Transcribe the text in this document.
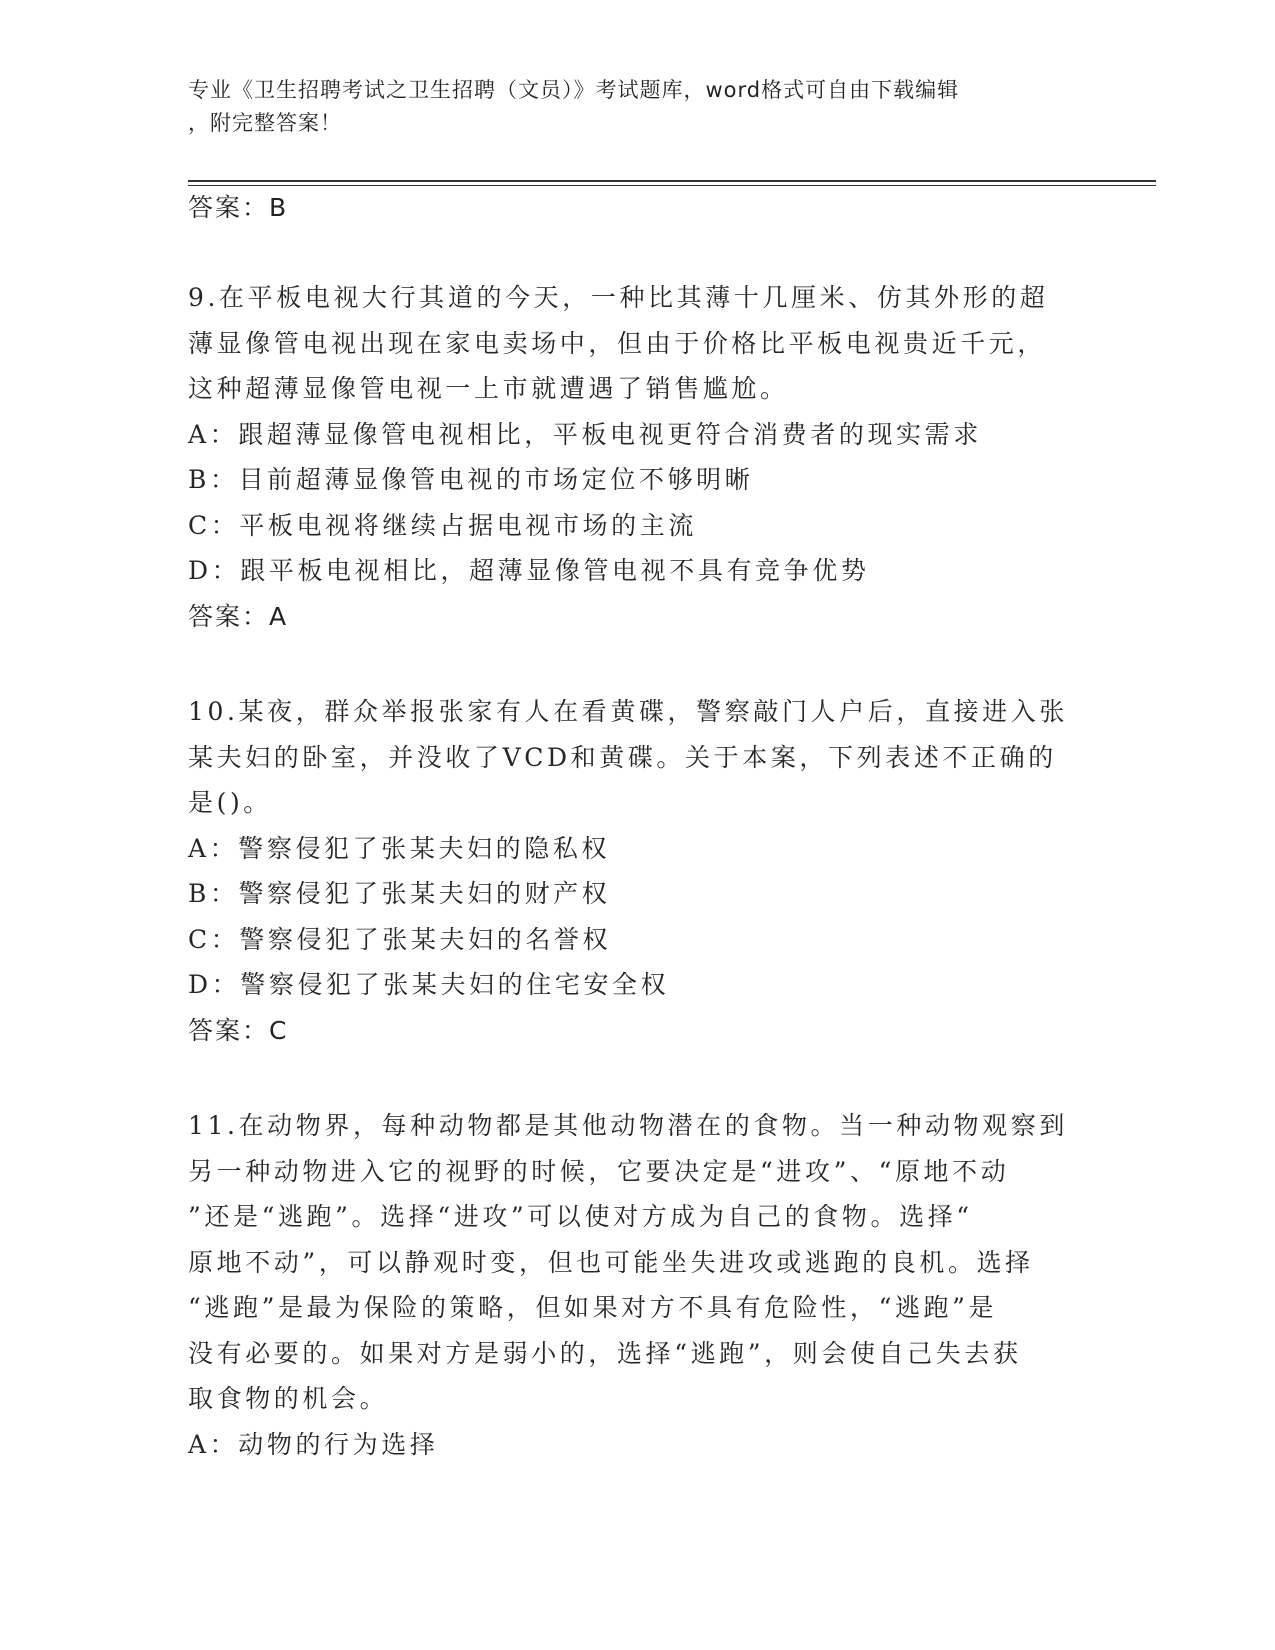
专业《卫生招聘考试之卫生招聘（文员）》考试题库，word格式可自由下载编辑
，附完整答案！
答案：B
9.在平板电视大行其道的今天，一种比其薄十几厘米、仿其外形的超
薄显像管电视出现在家电卖场中，但由于价格比平板电视贵近千元，
这种超薄显像管电视一上市就遭遇了销售尴尬。
A：跟超薄显像管电视相比，平板电视更符合消费者的现实需求
B：目前超薄显像管电视的市场定位不够明晰
C：平板电视将继续占据电视市场的主流
D：跟平板电视相比，超薄显像管电视不具有竞争优势
答案：A
10.某夜，群众举报张家有人在看黄碟，警察敲门人户后，直接进入张
某夫妇的卧室，并没收了VCD和黄碟。关于本案，下列表述不正确的
是()。
A：警察侵犯了张某夫妇的隐私权
B：警察侵犯了张某夫妇的财产权
C：警察侵犯了张某夫妇的名誉权
D：警察侵犯了张某夫妇的住宅安全权
答案：C
11.在动物界，每种动物都是其他动物潜在的食物。当一种动物观察到
另一种动物进入它的视野的时候，它要决定是“进攻”、“原地不动
”还是“逃跑”。选择“进攻”可以使对方成为自己的食物。选择“
原地不动”，可以静观时变，但也可能坐失进攻或逃跑的良机。选择
“逃跑”是最为保险的策略，但如果对方不具有危险性，“逃跑”是
没有必要的。如果对方是弱小的，选择“逃跑”，则会使自己失去获
取食物的机会。
A：动物的行为选择
